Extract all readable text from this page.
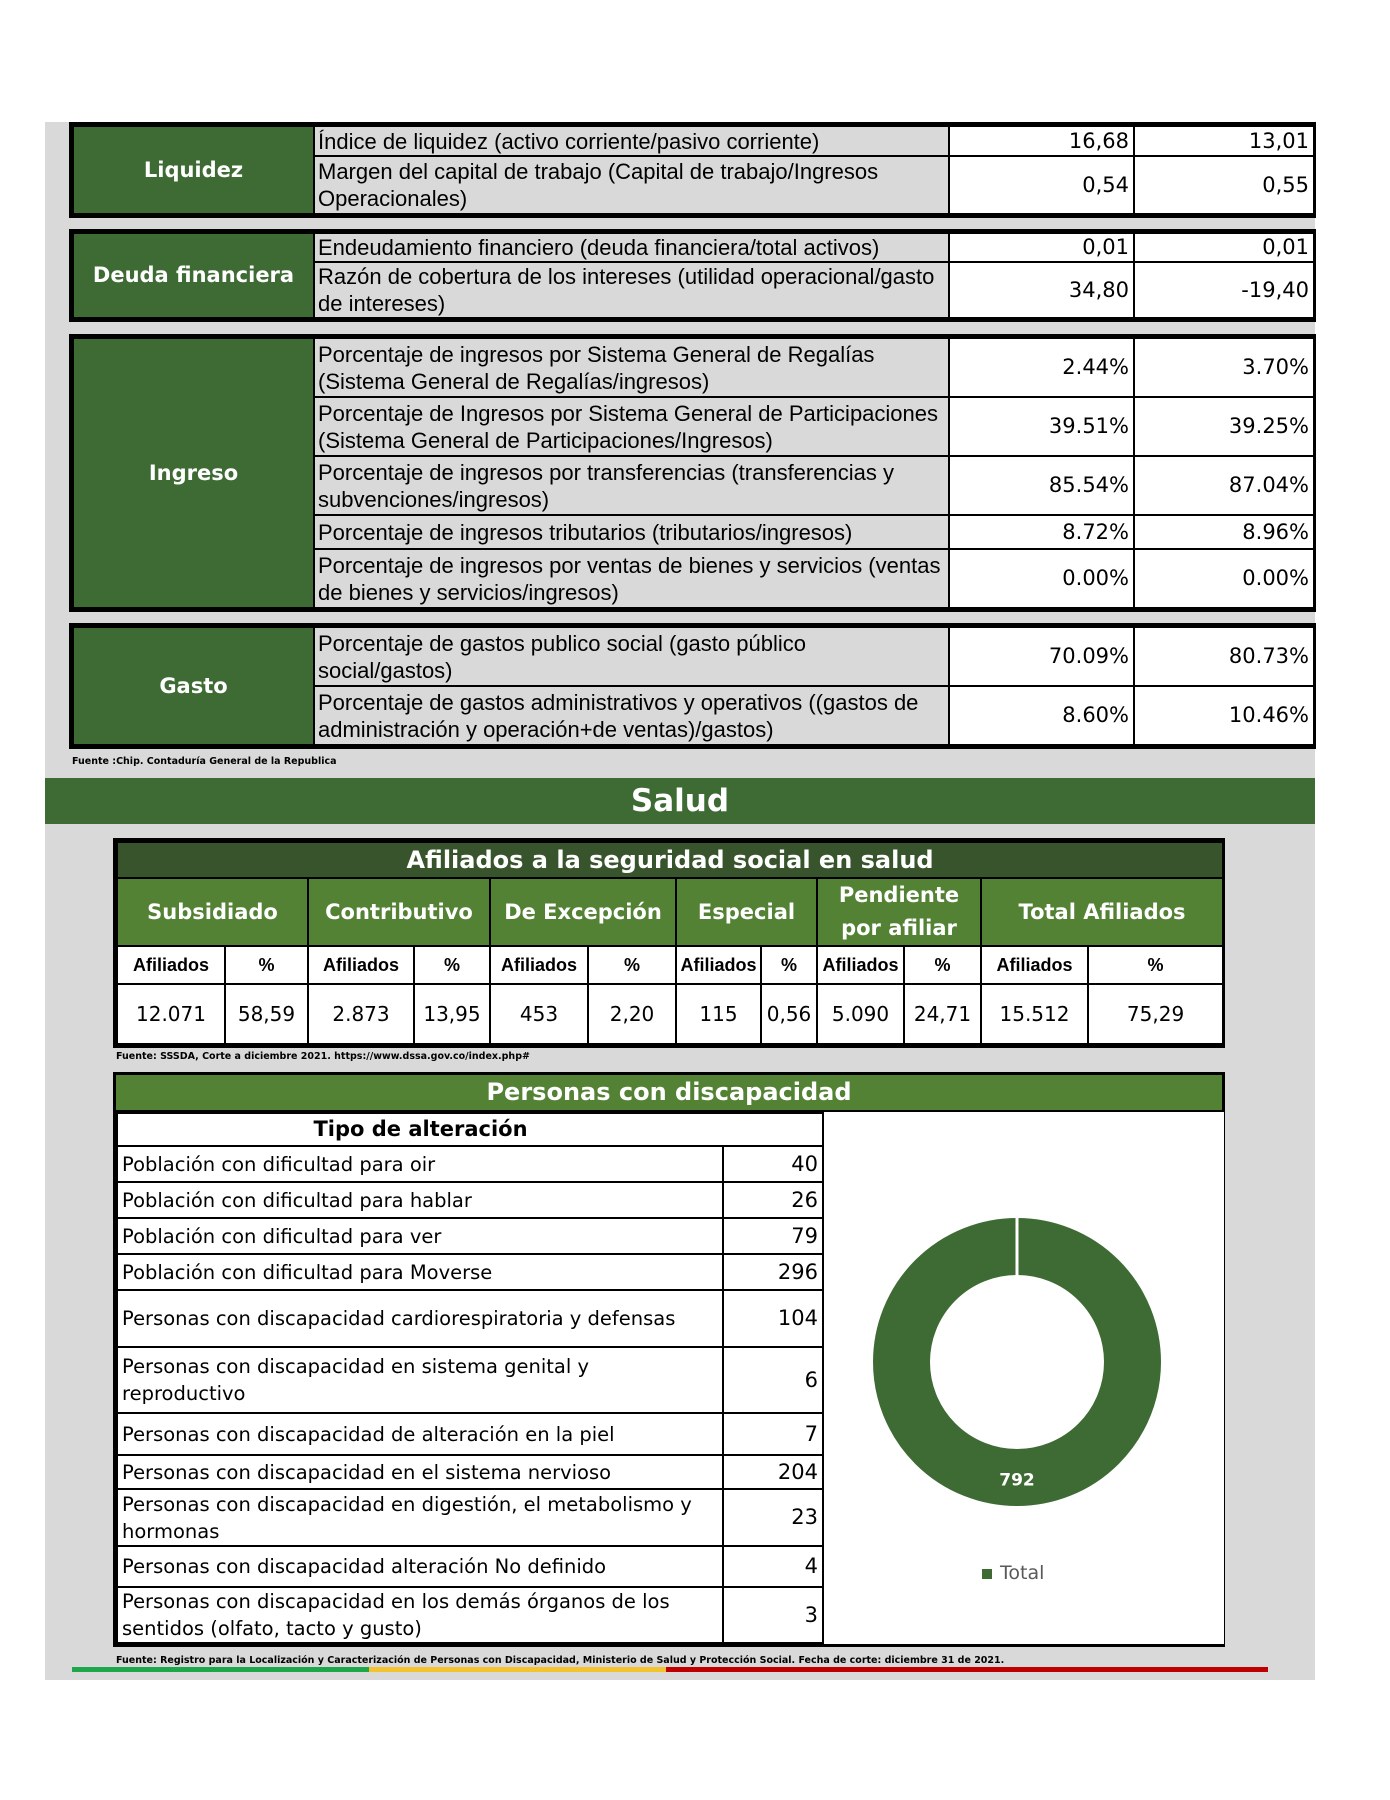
Liquidez	Índice de liquidez (activo corriente/pasivo corriente)	16,68	13,01
	Margen del capital de trabajo (Capital de trabajo/Ingresos Operacionales)	0,54	0,55
Deuda financiera	Endeudamiento financiero (deuda financiera/total activos)	0,01	0,01
	Razón de cobertura de los intereses (utilidad operacional/gasto de intereses)	34,80	-19,40
Ingreso	Porcentaje de ingresos por Sistema General de Regalías (Sistema General de Regalías/ingresos)	2.44%	3.70%
	Porcentaje de Ingresos por Sistema General de Participaciones (Sistema General de Participaciones/Ingresos)	39.51%	39.25%
	Porcentaje de ingresos por transferencias (transferencias y subvenciones/ingresos)	85.54%	87.04%
	Porcentaje de ingresos tributarios (tributarios/ingresos)	8.72%	8.96%
	Porcentaje de ingresos por ventas de bienes y servicios (ventas de bienes y servicios/ingresos)	0.00%	0.00%
Gasto	Porcentaje de gastos publico social (gasto público social/gastos)	70.09%	80.73%
	Porcentaje de gastos administrativos y operativos ((gastos de administración y operación+de ventas)/gastos)	8.60%	10.46%
Fuente :Chip. Contaduría General de la Republica
Salud
Afiliados a la seguridad social en salud											
Subsidiado		Contributivo		De Excepción		Especial		Pendiente por afiliar		Total Afiliados	
Afiliados	%	Afiliados	%	Afiliados	%	Afiliados	%	Afiliados	%	Afiliados	%
12.071	58,59	2.873	13,95	453	2,20	115	0,56	5.090	24,71	15.512	75,29
Fuente: SSSDA, Corte a diciembre 2021. https://www.dssa.gov.co/index.php#
Personas con discapacidad
Tipo de alteración	
Población con dificultad para oir	40
Población con dificultad para hablar	26
Población con dificultad para ver	79
Población con dificultad para Moverse	296
Personas con discapacidad cardiorespiratoria y defensas	104
Personas con discapacidad en sistema genital y reproductivo	6
Personas con discapacidad de alteración en la piel	7
Personas con discapacidad en el sistema nervioso	204
Personas con discapacidad en digestión, el metabolismo y hormonas	23
Personas con discapacidad alteración No definido	4
Personas con discapacidad en los demás órganos de los sentidos (olfato, tacto y gusto)	3
792
Total
Fuente: Registro para la Localización y Caracterización de Personas con Discapacidad, Ministerio de Salud y Protección Social. Fecha de corte: diciembre 31 de 2021.
